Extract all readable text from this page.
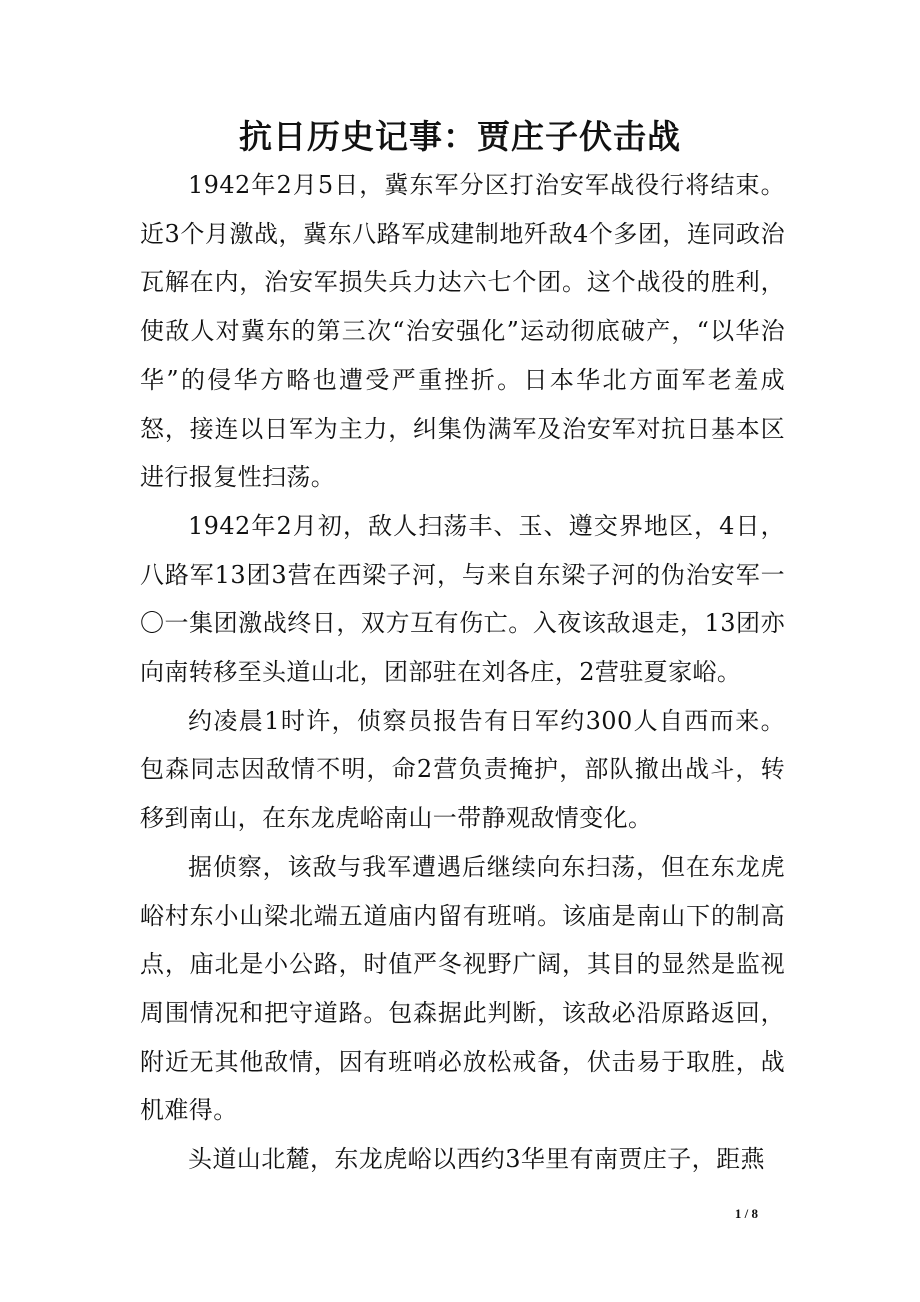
抗日历史记事：贾庄子伏击战

1942年2月5日，冀东军分区打治安军战役行将结束。近3个月激战，冀东八路军成建制地歼敌4个多团，连同政治瓦解在内，治安军损失兵力达六七个团。这个战役的胜利，使敌人对冀东的第三次“治安强化”运动彻底破产，“以华治华”的侵华方略也遭受严重挫折。日本华北方面军老羞成怒，接连以日军为主力，纠集伪满军及治安军对抗日基本区进行报复性扫荡。

1942年2月初，敌人扫荡丰、玉、遵交界地区，4日，八路军13团3营在西梁子河，与来自东梁子河的伪治安军一〇一集团激战终日，双方互有伤亡。入夜该敌退走，13团亦向南转移至头道山北，团部驻在刘各庄，2营驻夏家峪。

约凌晨1时许，侦察员报告有日军约300人自西而来。包森同志因敌情不明，命2营负责掩护，部队撤出战斗，转移到南山，在东龙虎峪南山一带静观敌情变化。

据侦察，该敌与我军遭遇后继续向东扫荡，但在东龙虎峪村东小山梁北端五道庙内留有班哨。该庙是南山下的制高点，庙北是小公路，时值严冬视野广阔，其目的显然是监视周围情况和把守道路。包森据此判断，该敌必沿原路返回，附近无其他敌情，因有班哨必放松戒备，伏击易于取胜，战机难得。

头道山北麓，东龙虎峪以西约3华里有南贾庄子，距燕

1 / 8
